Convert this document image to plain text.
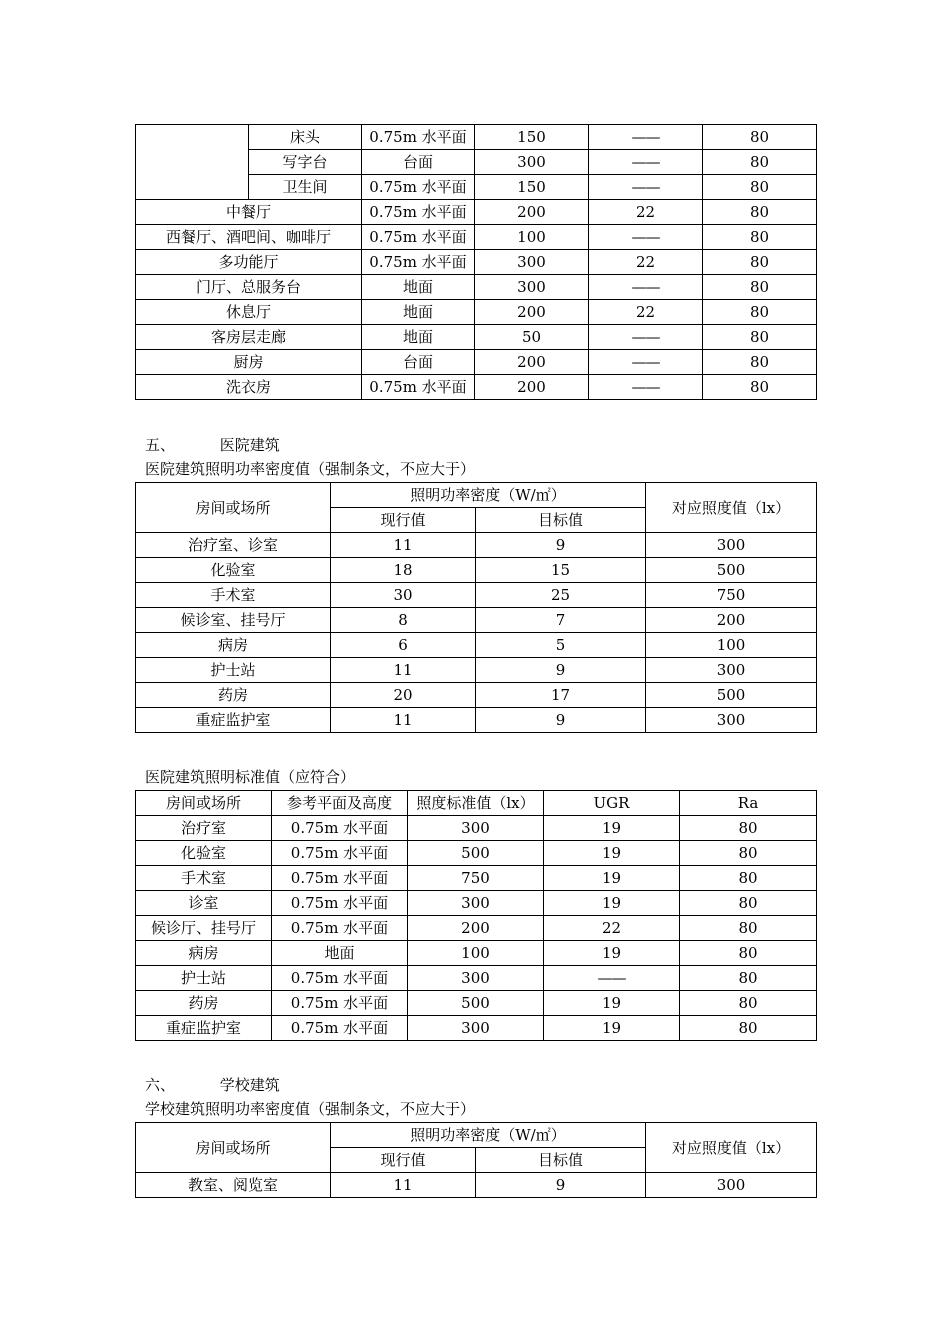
	床头	0.75m 水平面	150	——	80
	写字台	台面	300	——	80
	卫生间	0.75m 水平面	150	——	80
中餐厅		0.75m 水平面	200	22	80
西餐厅、酒吧间、咖啡厅		0.75m 水平面	100	——	80
多功能厅		0.75m 水平面	300	22	80
门厅、总服务台		地面	300	——	80
休息厅		地面	200	22	80
客房层走廊		地面	50	——	80
厨房		台面	200	——	80
洗衣房		0.75m 水平面	200	——	80
五、	医院建筑
医院建筑照明功率密度值（强制条文，不应大于）
房间或场所	照明功率密度（W/㎡）		对应照度值（lx）
	现行值	目标值	
治疗室、诊室	11	9	300
化验室	18	15	500
手术室	30	25	750
候诊室、挂号厅	8	7	200
病房	6	5	100
护士站	11	9	300
药房	20	17	500
重症监护室	11	9	300
医院建筑照明标准值（应符合）
房间或场所	参考平面及高度	照度标准值（lx）	UGR	Ra
治疗室	0.75m 水平面	300	19	80
化验室	0.75m 水平面	500	19	80
手术室	0.75m 水平面	750	19	80
诊室	0.75m 水平面	300	19	80
候诊厅、挂号厅	0.75m 水平面	200	22	80
病房	地面	100	19	80
护士站	0.75m 水平面	300	——	80
药房	0.75m 水平面	500	19	80
重症监护室	0.75m 水平面	300	19	80
六、	学校建筑
学校建筑照明功率密度值（强制条文，不应大于）
房间或场所	照明功率密度（W/㎡）		对应照度值（lx）
	现行值	目标值	
教室、阅览室	11	9	300
